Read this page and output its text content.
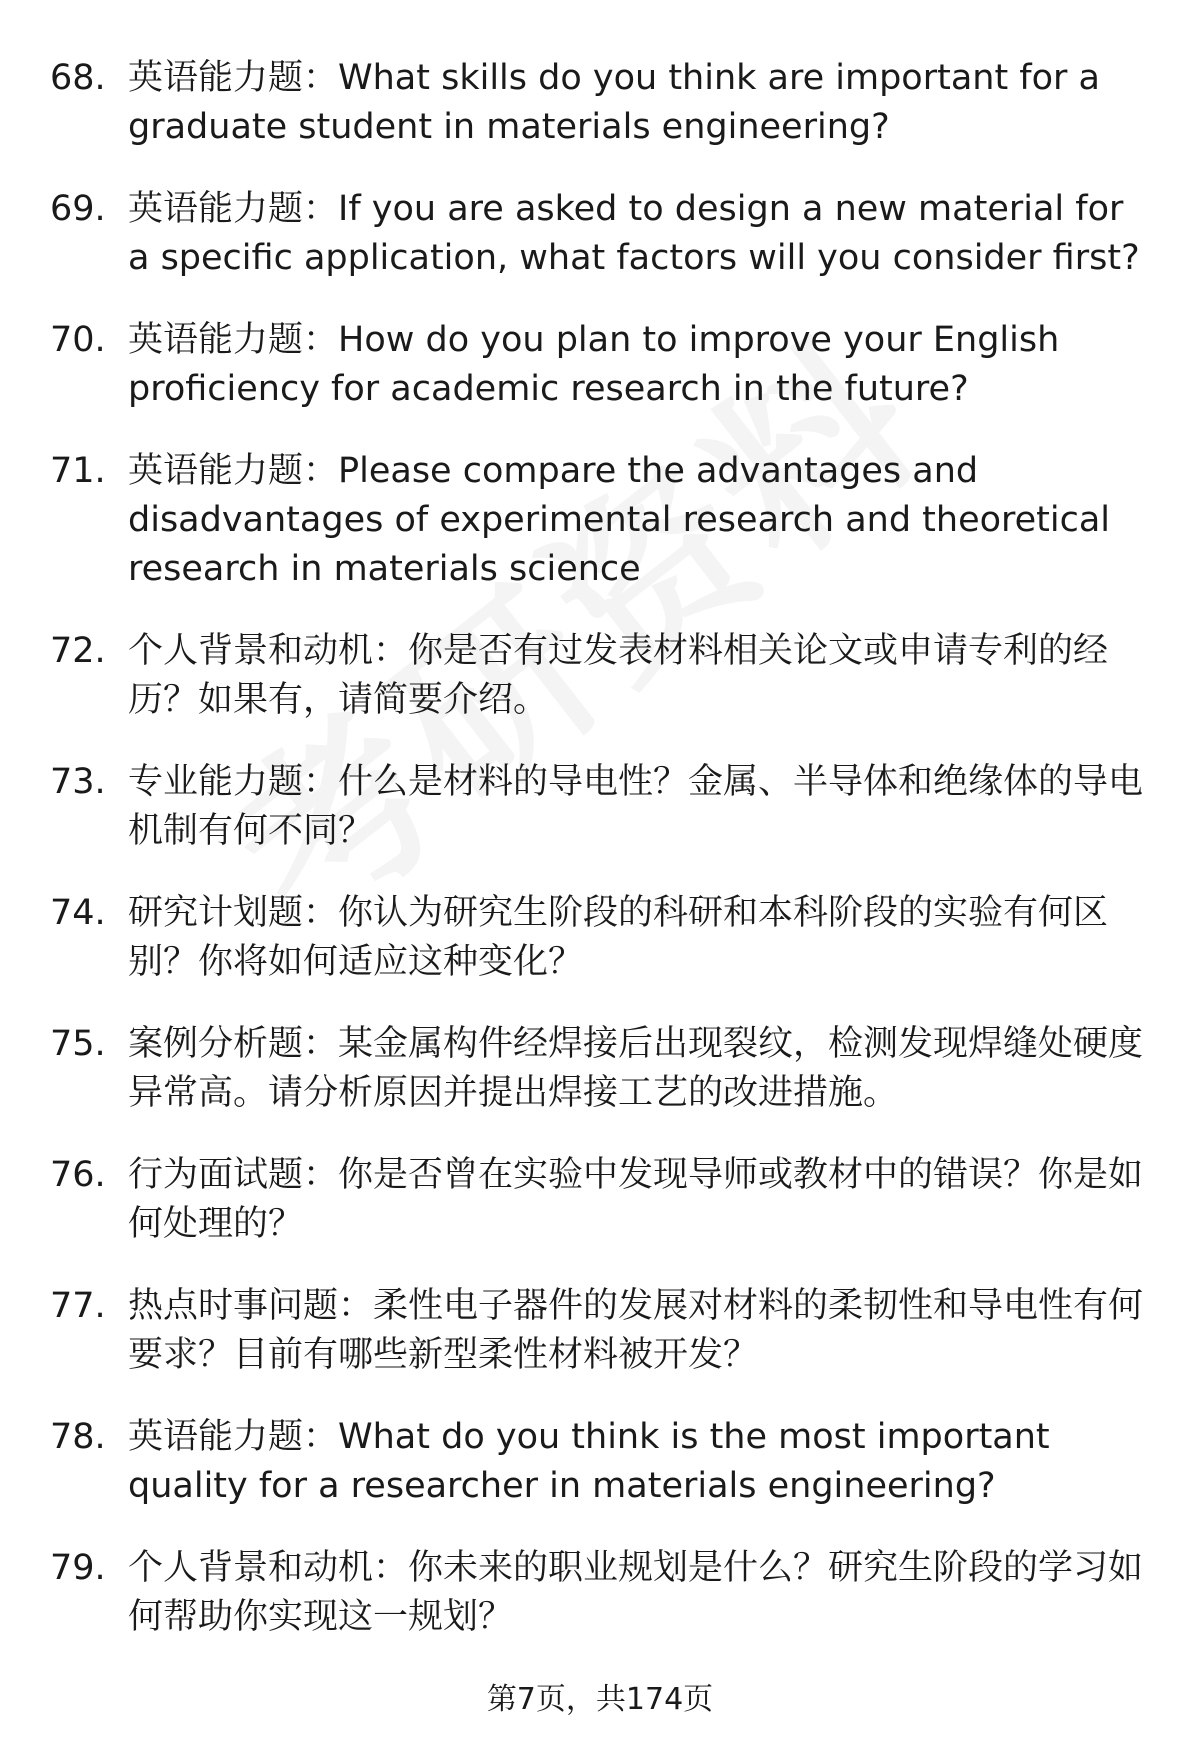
68. 英语能力题：What skills do you think are important for a graduate student in materials engineering?
69. 英语能力题：If you are asked to design a new material for a specific application, what factors will you consider first?
70. 英语能力题：How do you plan to improve your English proficiency for academic research in the future?
71. 英语能力题：Please compare the advantages and disadvantages of experimental research and theoretical research in materials science
72. 个人背景和动机：你是否有过发表材料相关论文或申请专利的经历？如果有，请简要介绍。
73. 专业能力题：什么是材料的导电性？金属、半导体和绝缘体的导电机制有何不同？
74. 研究计划题：你认为研究生阶段的科研和本科阶段的实验有何区别？你将如何适应这种变化？
75. 案例分析题：某金属构件经焊接后出现裂纹，检测发现焊缝处硬度异常高。请分析原因并提出焊接工艺的改进措施。
76. 行为面试题：你是否曾在实验中发现导师或教材中的错误？你是如何处理的？
77. 热点时事问题：柔性电子器件的发展对材料的柔韧性和导电性有何要求？目前有哪些新型柔性材料被开发？
78. 英语能力题：What do you think is the most important quality for a researcher in materials engineering?
79. 个人背景和动机：你未来的职业规划是什么？研究生阶段的学习如何帮助你实现这一规划？
第7页，共174页
